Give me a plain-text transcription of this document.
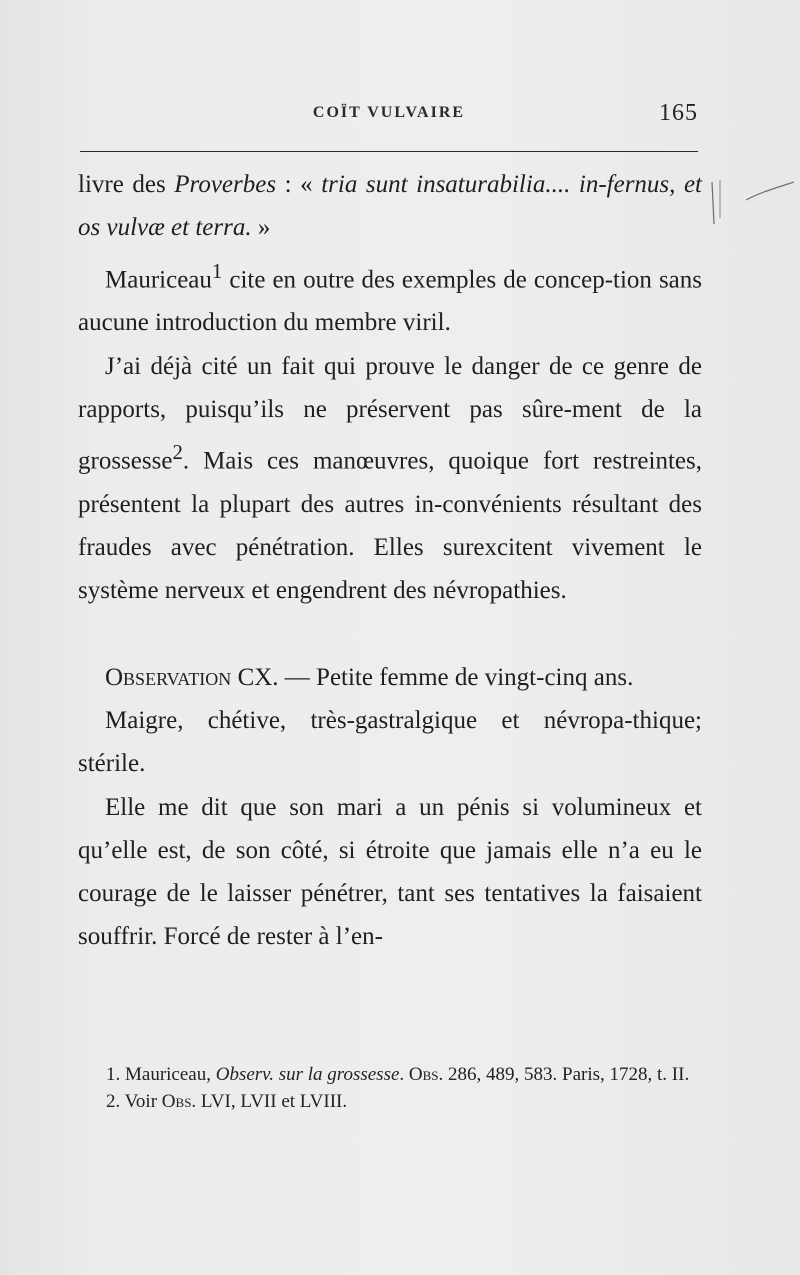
COÏT VULVAIRE	165

livre des Proverbes : « tria sunt insaturabilia.... in-fernus, et os vulvæ et terra. »

Mauriceau$^1$ cite en outre des exemples de concep-tion sans aucune introduction du membre viril.

J’ai déjà cité un fait qui prouve le danger de ce genre de rapports, puisqu’ils ne préservent pas sûre-ment de la grossesse$^2$. Mais ces manœuvres, quoique fort restreintes, présentent la plupart des autres in-convénients résultant des fraudes avec pénétration. Elles surexcitent vivement le système nerveux et engendrent des névropathies.

Observation CX. — Petite femme de vingt-cinq ans.

Maigre, chétive, très-gastralgique et névropa-thique; stérile.

Elle me dit que son mari a un pénis si volumineux et qu’elle est, de son côté, si étroite que jamais elle n’a eu le courage de le laisser pénétrer, tant ses tentatives la faisaient souffrir. Forcé de rester à l’en-

1. Mauriceau, Observ. sur la grossesse. Obs. 286, 489, 583. Paris, 1728, t. II.

2. Voir Obs. LVI, LVII et LVIII.
